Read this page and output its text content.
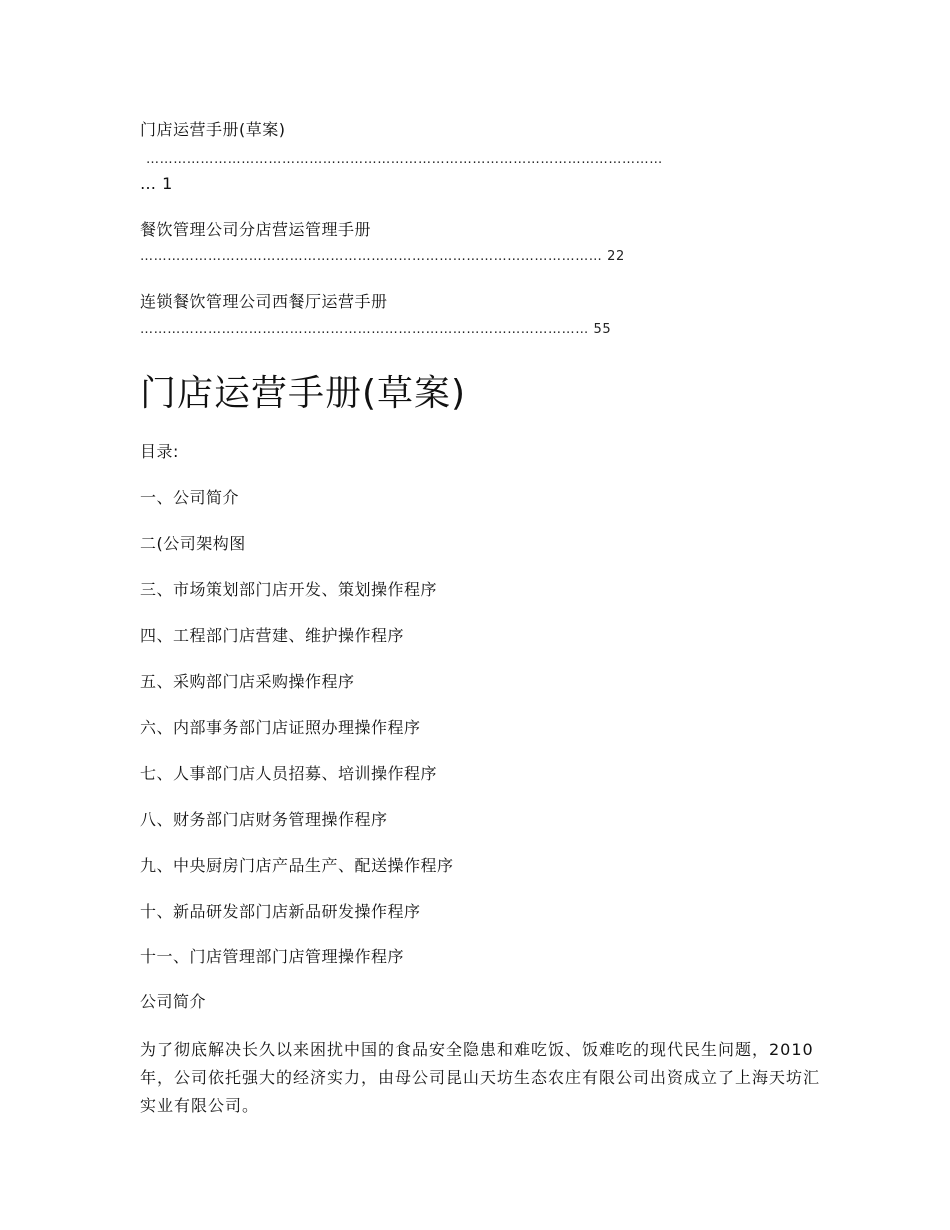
门店运营手册(草案)
……………………………………………………………………………………………………
… 1
餐饮管理公司分店营运管理手册
………………………………………………………………………………………… 22
连锁餐饮管理公司西餐厅运营手册
……………………………………………………………………………………… 55
门店运营手册(草案)
目录:
一、公司简介
二(公司架构图
三、市场策划部门店开发、策划操作程序
四、工程部门店营建、维护操作程序
五、采购部门店采购操作程序
六、内部事务部门店证照办理操作程序
七、人事部门店人员招募、培训操作程序
八、财务部门店财务管理操作程序
九、中央厨房门店产品生产、配送操作程序
十、新品研发部门店新品研发操作程序
十一、门店管理部门店管理操作程序
公司简介
为了彻底解决长久以来困扰中国的食品安全隐患和难吃饭、饭难吃的现代民生问题，2010 年，公司依托强大的经济实力，由母公司昆山天坊生态农庄有限公司出资成立了上海天坊汇实业有限公司。
